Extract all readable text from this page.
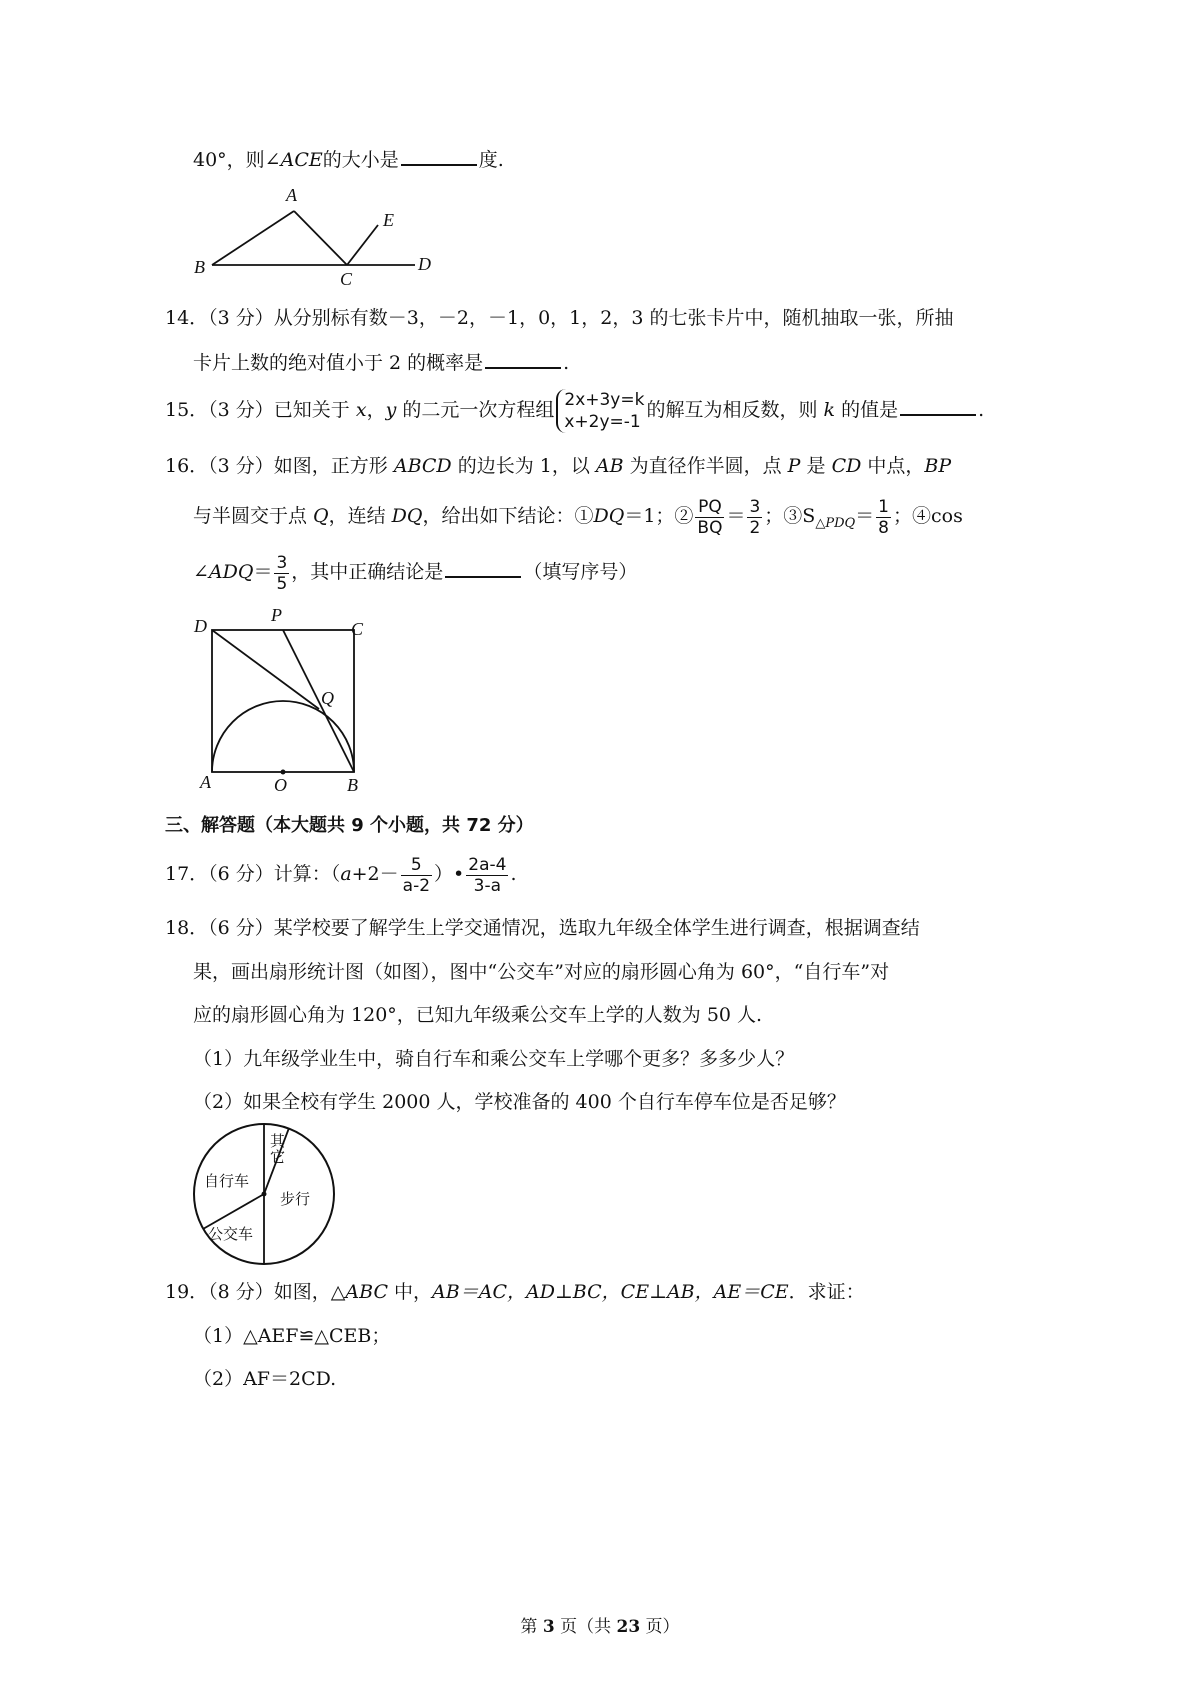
40°，则∠ACE的大小是	度.
A
B
C
D
E
14．（3 分）从分别标有数－3，－2，－1，0，1，2，3 的七张卡片中，随机抽取一张，所抽
卡片上数的绝对值小于 2 的概率是	.
15．（3 分）已知关于 x，y 的二元一次方程组 2x+3y=k
x+2y=-1
的解互为相反数，则 k 的值是	.
16．（3 分）如图，正方形 ABCD 的边长为 1，以 AB 为直径作半圆，点 P 是 CD 中点，BP
与半圆交于点 Q，连结 DQ，给出如下结论：①DQ＝1；② $\frac{PQ}{BQ} = \frac{3}{2}$ ；$③S_{\triangle PDQ}= \frac{1}{8}$ ；④cos
∠ADQ＝ $\frac{3}{5}$ ，其中正确结论是	（填写序号）
D
P
C
Q
A	O	B
三、解答题（本大题共 9 个小题，共 72 分）
17．（6 分）计算：（$a+2- \frac{5}{a-2}$ ）• $\frac{2a-4}{3-a}$ .
18．（6 分）某学校要了解学生上学交通情况，选取九年级全体学生进行调查，根据调查结
果，画出扇形统计图（如图），图中“公交车”对应的扇形圆心角为 60°，“自行车”对
应的扇形圆心角为 120°，已知九年级乘公交车上学的人数为 50 人.
（1）九年级学业生中，骑自行车和乘公交车上学哪个更多？多多少人？
（2）如果全校有学生 2000 人，学校准备的 400 个自行车停车位是否足够？
其
它
自行车
步行
公交车
19．（8 分）如图，△ABC 中，AB＝AC，AD⊥BC，CE⊥AB，AE＝CE．求证：
（1）△AEF≌△CEB；
（2）AF＝2CD.
第 3 页（共 23 页）
